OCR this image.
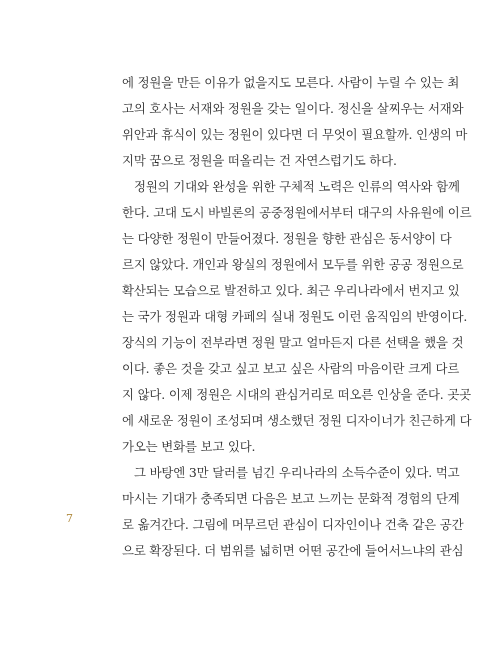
에 정원을 만든 이유가 없을지도 모른다. 사람이 누릴 수 있는 최
고의 호사는 서재와 정원을 갖는 일이다. 정신을 살찌우는 서재와
위안과 휴식이 있는 정원이 있다면 더 무엇이 필요할까. 인생의 마
지막 꿈으로 정원을 떠올리는 건 자연스럽기도 하다.
정원의 기대와 완성을 위한 구체적 노력은 인류의 역사와 함께
한다. 고대 도시 바빌론의 공중정원에서부터 대구의 사유원에 이르
는 다양한 정원이 만들어졌다. 정원을 향한 관심은 동서양이 다
르지 않았다. 개인과 왕실의 정원에서 모두를 위한 공공 정원으로
확산되는 모습으로 발전하고 있다. 최근 우리나라에서 번지고 있
는 국가 정원과 대형 카페의 실내 정원도 이런 움직임의 반영이다.
장식의 기능이 전부라면 정원 말고 얼마든지 다른 선택을 했을 것
이다. 좋은 것을 갖고 싶고 보고 싶은 사람의 마음이란 크게 다르
지 않다. 이제 정원은 시대의 관심거리로 떠오른 인상을 준다. 곳곳
에 새로운 정원이 조성되며 생소했던 정원 디자이너가 친근하게 다
가오는 변화를 보고 있다.
그 바탕엔 3만 달러를 넘긴 우리나라의 소득수준이 있다. 먹고
마시는 기대가 충족되면 다음은 보고 느끼는 문화적 경험의 단계
로 옮겨간다. 그림에 머무르던 관심이 디자인이나 건축 같은 공간
으로 확장된다. 더 범위를 넓히면 어떤 공간에 들어서느냐의 관심
7
